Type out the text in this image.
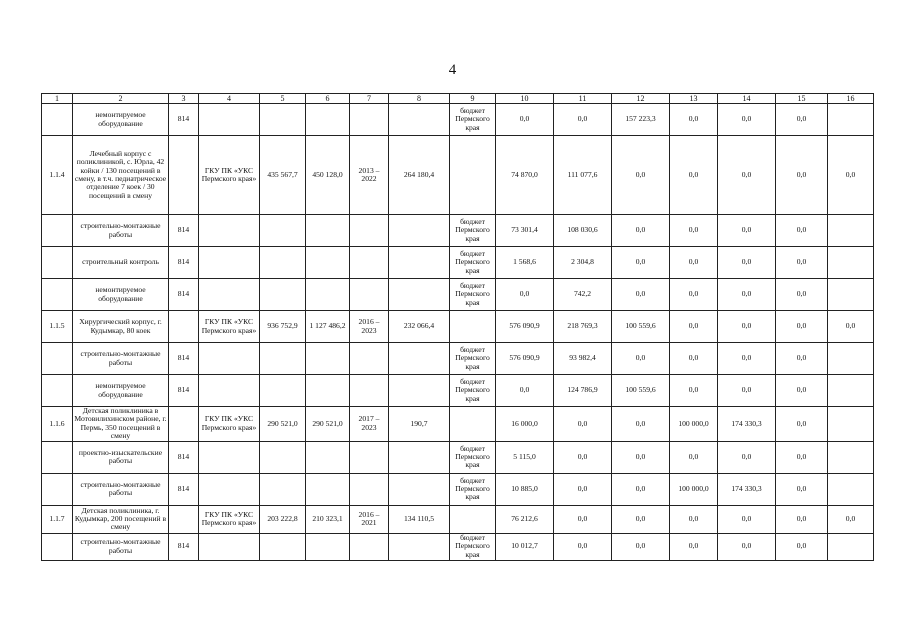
4
1	2	3	4	5	6	7	8	9	10	11	12	13	14	15	16
	немонтируемое оборудование	814						бюджет Пермского края	0,0	0,0	157 223,3	0,0	0,0	0,0	
1.1.4	Лечебный корпус с поликлиникой, с. Юрла, 42 койки / 130 посещений в смену, в т.ч. педиатрическое отделение 7 коек / 30 посещений в смену		ГКУ ПК «УКС Пермского края»	435 567,7	450 128,0	2013 – 2022	264 180,4		74 870,0	111 077,6	0,0	0,0	0,0	0,0	0,0
	строительно-монтажные работы	814						бюджет Пермского края	73 301,4	108 030,6	0,0	0,0	0,0	0,0	
	строительный контроль	814						бюджет Пермского края	1 568,6	2 304,8	0,0	0,0	0,0	0,0	
	немонтируемое оборудование	814						бюджет Пермского края	0,0	742,2	0,0	0,0	0,0	0,0	
1.1.5	Хирургический корпус, г. Кудымкар, 80 коек		ГКУ ПК «УКС Пермского края»	936 752,9	1 127 486,2	2016 – 2023	232 066,4		576 090,9	218 769,3	100 559,6	0,0	0,0	0,0	0,0
	строительно-монтажные работы	814						бюджет Пермского края	576 090,9	93 982,4	0,0	0,0	0,0	0,0	
	немонтируемое оборудование	814						бюджет Пермского края	0,0	124 786,9	100 559,6	0,0	0,0	0,0	
1.1.6	Детская поликлиника в Мотовилихинском районе, г. Пермь, 350 посещений в смену		ГКУ ПК «УКС Пермского края»	290 521,0	290 521,0	2017 – 2023	190,7		16 000,0	0,0	0,0	100 000,0	174 330,3	0,0	
	проектно-изыскательские работы	814						бюджет Пермского края	5 115,0	0,0	0,0	0,0	0,0	0,0	
	строительно-монтажные работы	814						бюджет Пермского края	10 885,0	0,0	0,0	100 000,0	174 330,3	0,0	
1.1.7	Детская поликлиника, г. Кудымкар, 200 посещений в смену		ГКУ ПК «УКС Пермского края»	203 222,8	210 323,1	2016 – 2021	134 110,5		76 212,6	0,0	0,0	0,0	0,0	0,0	0,0
	строительно-монтажные работы	814						бюджет Пермского края	10 012,7	0,0	0,0	0,0	0,0	0,0	
